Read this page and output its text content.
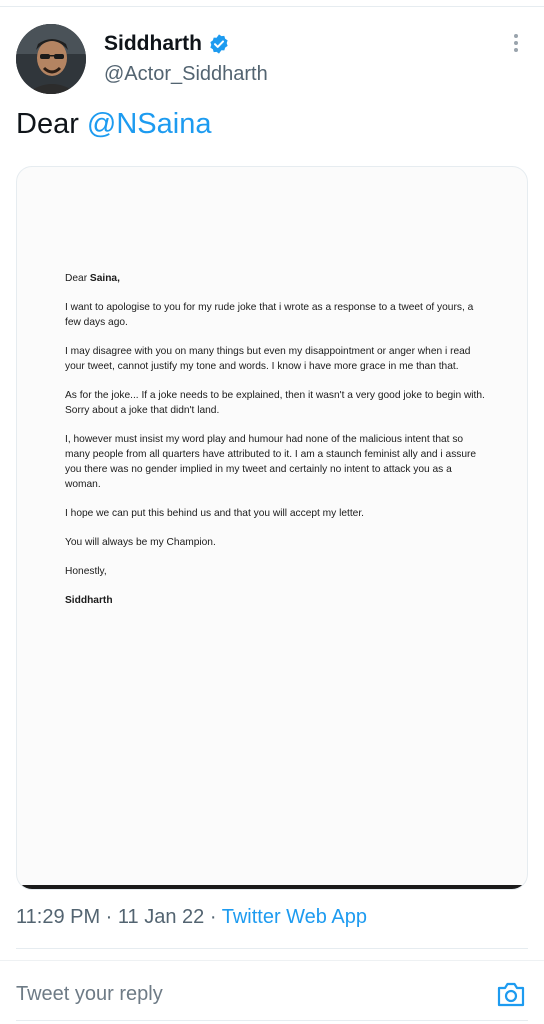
Siddharth
@Actor_Siddharth
Dear @NSaina

Dear Saina,

I want to apologise to you for my rude joke that i wrote as a response to a tweet of yours, a few days ago.

I may disagree with you on many things but even my disappointment or anger when i read your tweet, cannot justify my tone and words. I know i have more grace in me than that.

As for the joke... If a joke needs to be explained, then it wasn't a very good joke to begin with. Sorry about a joke that didn't land.

I, however must insist my word play and humour had none of the malicious intent that so many people from all quarters have attributed to it. I am a staunch feminist ally and i assure you there was no gender implied in my tweet and certainly no intent to attack you as a woman.

I hope we can put this behind us and that you will accept my letter.

You will always be my Champion.

Honestly,

Siddharth

11:29 PM · 11 Jan 22 · Twitter Web App
Tweet your reply
